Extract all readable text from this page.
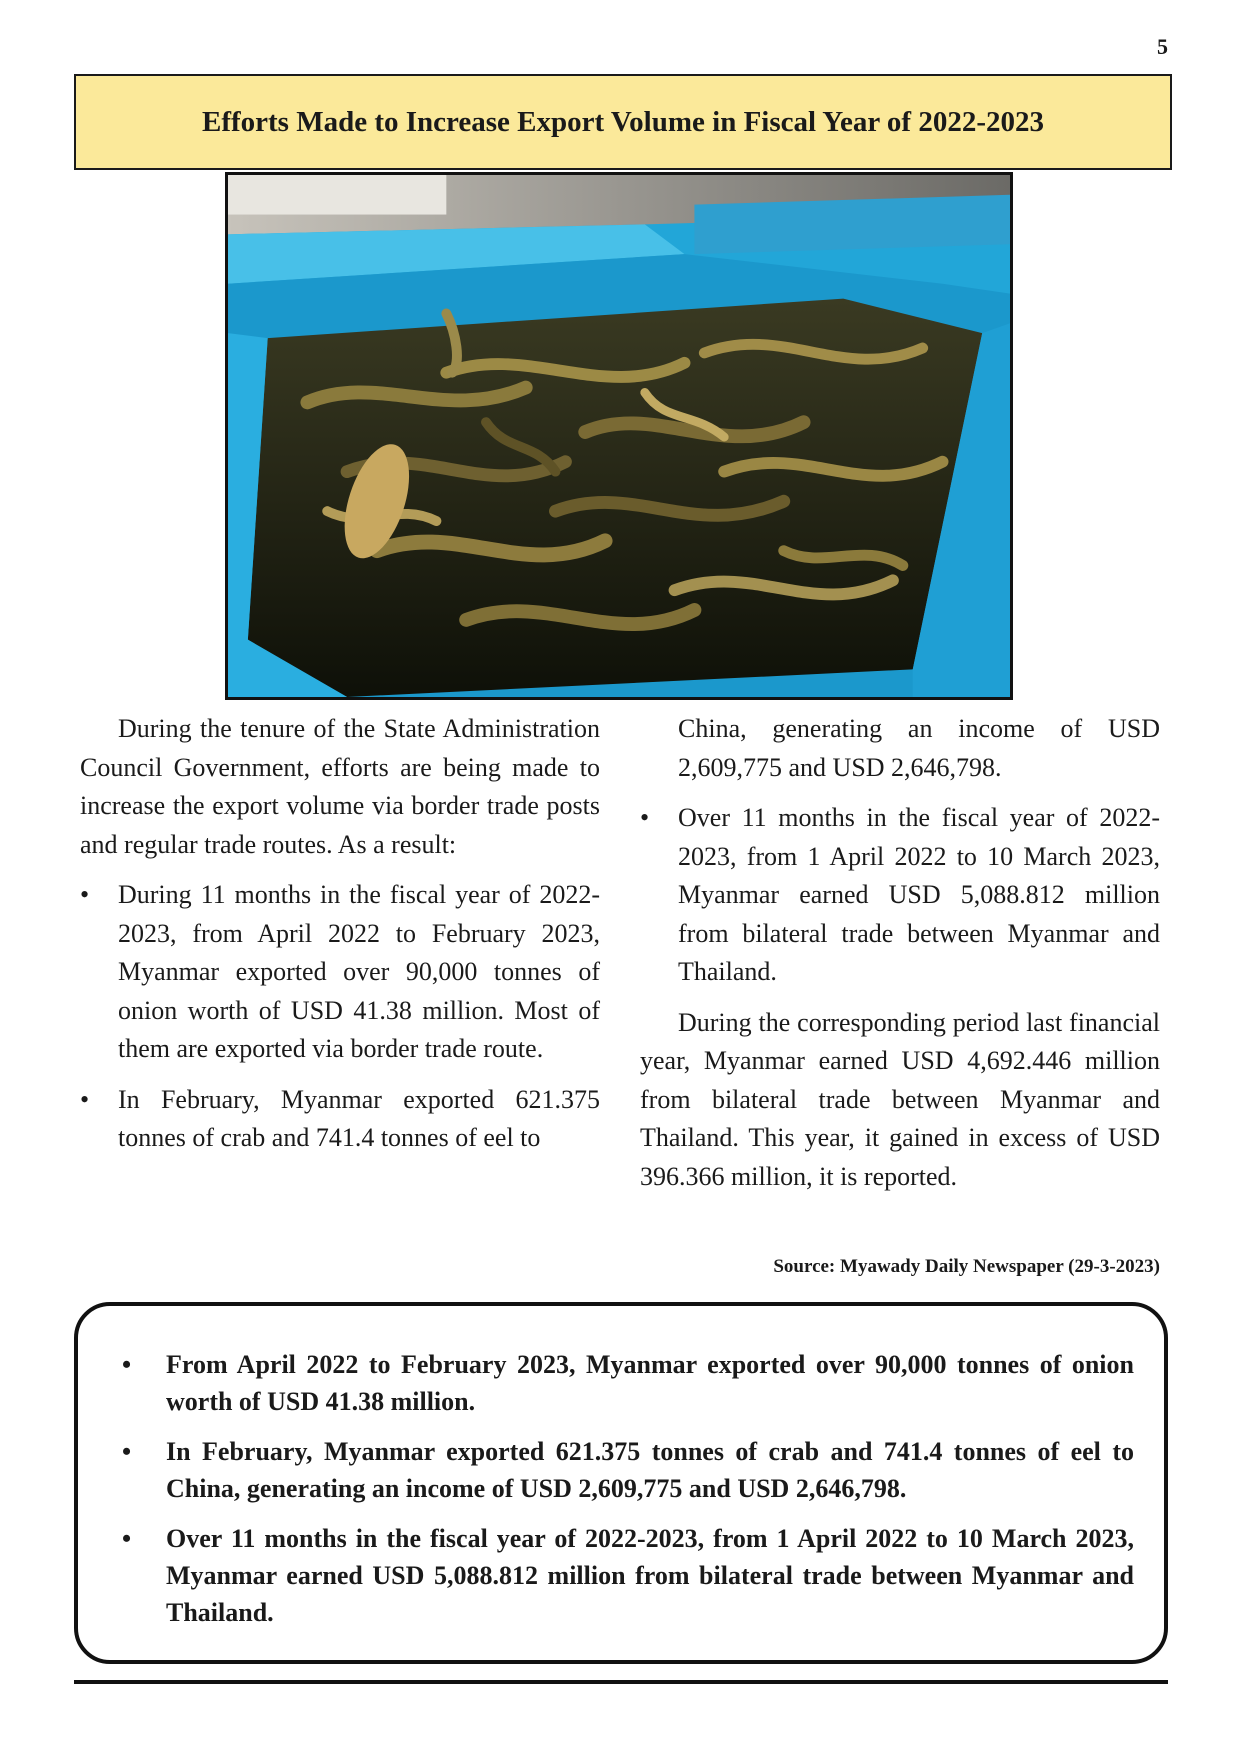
5
Efforts Made to Increase Export Volume in Fiscal Year of 2022-2023

During the tenure of the State Administration Council Government, efforts are being made to increase the export volume via border trade posts and regular trade routes. As a result:

• During 11 months in the fiscal year of 2022-2023, from April 2022 to February 2023, Myanmar exported over 90,000 tonnes of onion worth of USD 41.38 million. Most of them are exported via border trade route.
• In February, Myanmar exported 621.375 tonnes of crab and 741.4 tonnes of eel to
China, generating an income of USD 2,609,775 and USD 2,646,798.
• Over 11 months in the fiscal year of 2022-2023, from 1 April 2022 to 10 March 2023, Myanmar earned USD 5,088.812 million from bilateral trade between Myanmar and Thailand.

During the corresponding period last financial year, Myanmar earned USD 4,692.446 million from bilateral trade between Myanmar and Thailand. This year, it gained in excess of USD 396.366 million, it is reported.

Source: Myawady Daily Newspaper (29-3-2023)
• From April 2022 to February 2023, Myanmar exported over 90,000 tonnes of onion worth of USD 41.38 million.
• In February, Myanmar exported 621.375 tonnes of crab and 741.4 tonnes of eel to China, generating an income of USD 2,609,775 and USD 2,646,798.
• Over 11 months in the fiscal year of 2022-2023, from 1 April 2022 to 10 March 2023, Myanmar earned USD 5,088.812 million from bilateral trade between Myanmar and Thailand.
